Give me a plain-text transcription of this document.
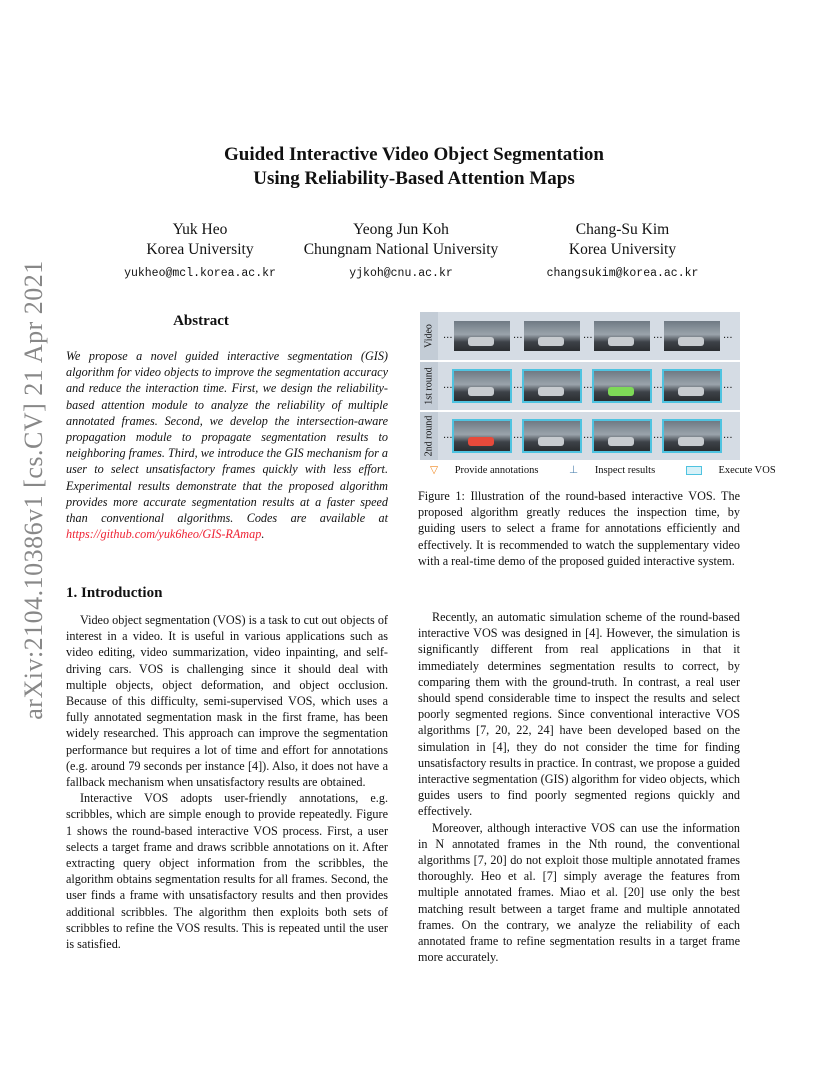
arXiv:2104.10386v1 [cs.CV] 21 Apr 2021
Guided Interactive Video Object Segmentation
Using Reliability-Based Attention Maps
Yuk Heo
Korea University
yukheo@mcl.korea.ac.kr
Yeong Jun Koh
Chungnam National University
yjkoh@cnu.ac.kr
Chang-Su Kim
Korea University
changsukim@korea.ac.kr
Abstract
We propose a novel guided interactive segmentation (GIS) algorithm for video objects to improve the segmentation accuracy and reduce the interaction time. First, we design the reliability-based attention module to analyze the reliability of multiple annotated frames. Second, we develop the intersection-aware propagation module to propagate segmentation results to neighboring frames. Third, we introduce the GIS mechanism for a user to select unsatisfactory frames quickly with less effort. Experimental results demonstrate that the proposed algorithm provides more accurate segmentation results at a faster speed than conventional algorithms. Codes are available at https://github.com/yuk6heo/GIS-RAmap.
1. Introduction
Video object segmentation (VOS) is a task to cut out objects of interest in a video. It is useful in various applications such as video editing, video summarization, video inpainting, and self-driving cars. VOS is challenging since it should deal with multiple objects, object deformation, and object occlusion. Because of this difficulty, semi-supervised VOS, which uses a fully annotated segmentation mask in the first frame, has been widely researched. This approach can improve the segmentation performance but requires a lot of time and effort for annotations (e.g. around 79 seconds per instance [4]). Also, it does not have a fallback mechanism when unsatisfactory results are obtained.
Interactive VOS adopts user-friendly annotations, e.g. scribbles, which are simple enough to provide repeatedly. Figure 1 shows the round-based interactive VOS process. First, a user selects a target frame and draws scribble annotations on it. After extracting query object information from the scribbles, the algorithm obtains segmentation results for all frames. Second, the user finds a frame with unsatisfactory results and then provides additional scribbles. The algorithm then exploits both sets of scribbles to refine the VOS results. This is repeated until the user is satisfied.
Video ...	...	...	...	...
1st round ...	...	...	...	...
2nd round ...	...	...	...	...
▽ Provide annotations	⊥ Inspect results	Execute VOS
Figure 1: Illustration of the round-based interactive VOS. The proposed algorithm greatly reduces the inspection time, by guiding users to select a frame for annotations efficiently and effectively. It is recommended to watch the supplementary video with a real-time demo of the proposed guided interactive system.
Recently, an automatic simulation scheme of the round-based interactive VOS was designed in [4]. However, the simulation is significantly different from real applications in that it immediately determines segmentation results to correct, by comparing them with the ground-truth. In contrast, a real user should spend considerable time to inspect the results and select poorly segmented regions. Since conventional interactive VOS algorithms [7, 20, 22, 24] have been developed based on the simulation in [4], they do not consider the time for finding unsatisfactory results in practice. In contrast, we propose a guided interactive segmentation (GIS) algorithm for video objects, which guides users to find poorly segmented regions quickly and effectively.
Moreover, although interactive VOS can use the information in N annotated frames in the Nth round, the conventional algorithms [7, 20] do not exploit those multiple annotated frames thoroughly. Heo et al. [7] simply average the features from multiple annotated frames. Miao et al. [20] use only the best matching result between a target frame and multiple annotated frames. On the contrary, we analyze the reliability of each annotated frame to refine segmentation results in a target frame more accurately.
